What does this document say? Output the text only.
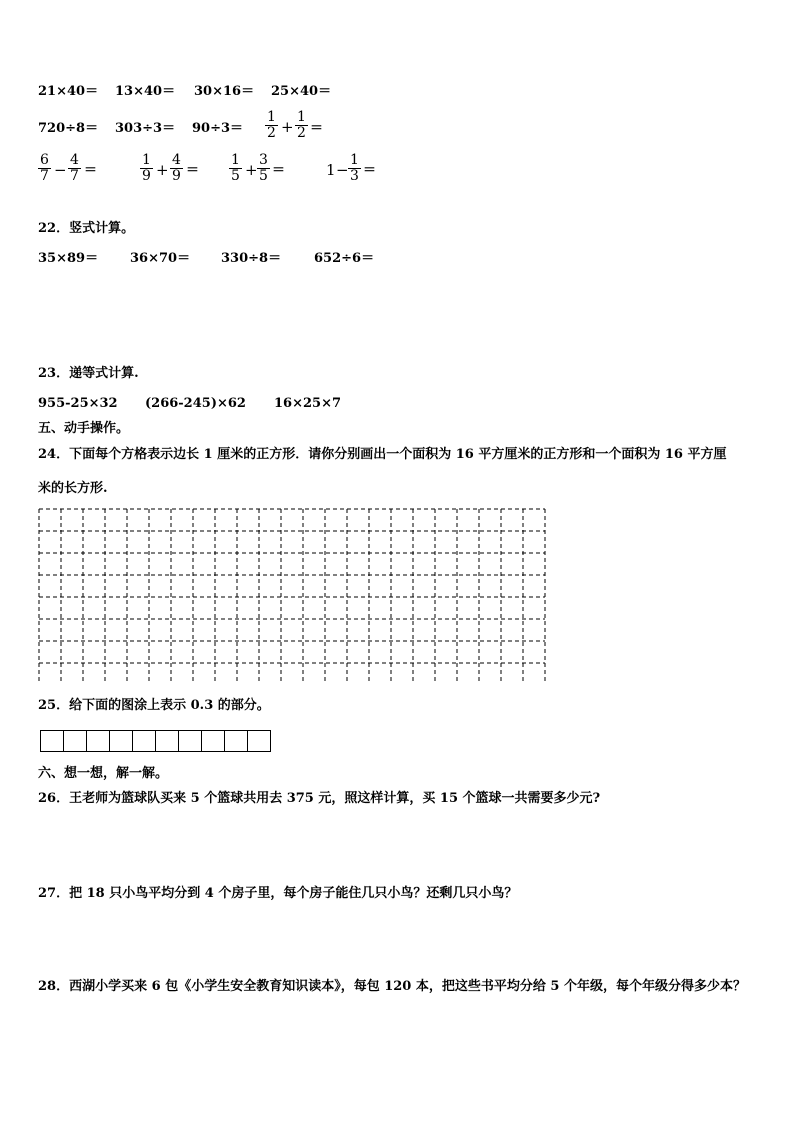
21×40＝ 13×40＝ 30×16＝ 25×40＝
720÷8＝ 303÷3＝ 90÷3＝
1
2 +
1
2 ＝
6
7 −
4
7 ＝
1
9 +
4
9 ＝
1
5 +
3
5 ＝	1 −
1
3 ＝
22．竖式计算。
35×89＝ 36×70＝ 330÷8＝	652÷6＝
23．递等式计算.
955-25×32 (266-245)×62 16×25×7
五、动手操作。
24．下面每个方格表示边长 1 厘米的正方形．请你分别画出一个面积为 16 平方厘米的正方形和一个面积为 16 平方厘
米的长方形.
25．给下面的图涂上表示 0.3 的部分。
六、想一想，解一解。
26．王老师为篮球队买来 5 个篮球共用去 375 元，照这样计算，买 15 个篮球一共需要多少元?
27．把 18 只小鸟平均分到 4 个房子里，每个房子能住几只小鸟？还剩几只小鸟？
28．西湖小学买来 6 包《小学生安全教育知识读本》，每包 120 本，把这些书平均分给 5 个年级，每个年级分得多少本？
